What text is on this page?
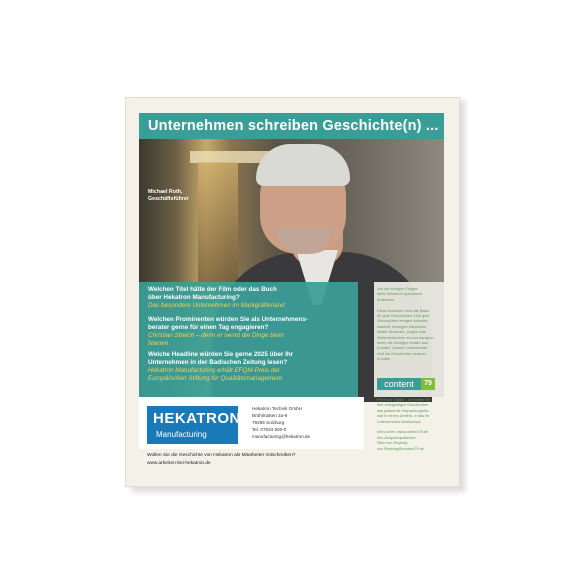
Unternehmen schreiben Geschichte(n) ...
Michael Roth,
Geschäftsführer
Welchen Titel hätte der Film oder das Buch
über Hekatron Manufacturing?
Das besondere Unternehmen im Markgräflerland
Welchen Prominenten würden Sie als Unternehmens-
berater gerne für einen Tag engagieren?
Christian Streich – denn er nennt die Dinge beim
Namen
Welche Headline würden Sie gerne 2025 über Ihr
Unternehmen in der Badischen Zeitung lesen?
Hekatron Manufacturing erhält EFQM-Preis der
Europäischen Stiftung für Qualitätsmanagement
Nur die richtigen Fragen
stellt, bekommt spannende
Antworten.

Diese Antworten sind die Basis
für gute Geschichten. Und gute
Geschichten erregen Aufmerk-
samkeit, bewegen Menschen,
bilden Vertrauen, zeigen was
Weiterentdecken es und transpor-
tieren die richtigen Inhalte aus
Kunden, Unsere Leidenschaft
sind die Geschichten unserer
Kunden.
content	79
Print und Digital – wir finden für
Ihre einzigartigen Geschichten
das passende Verpackungsfor-
mat in einem Umfeld, in das Ihr
Unternehmen hineinpasst.

Infos unter: www.content79.de
Ihre Ansprechpartnerin:
Silke von Reybing
von.Reybing@content79.de
HEKATRON
Manufacturing
Hekatron Technik GmbH
Brühlmatten 3a-9
79295 Sulzburg
Tel. 07634 500-0
manufacturing@hekatron.de
Wollen Sie die Geschichte von Hekatron als Mitarbeiter mitschreiben?
www.arbeiten-bei-hekatron.de
